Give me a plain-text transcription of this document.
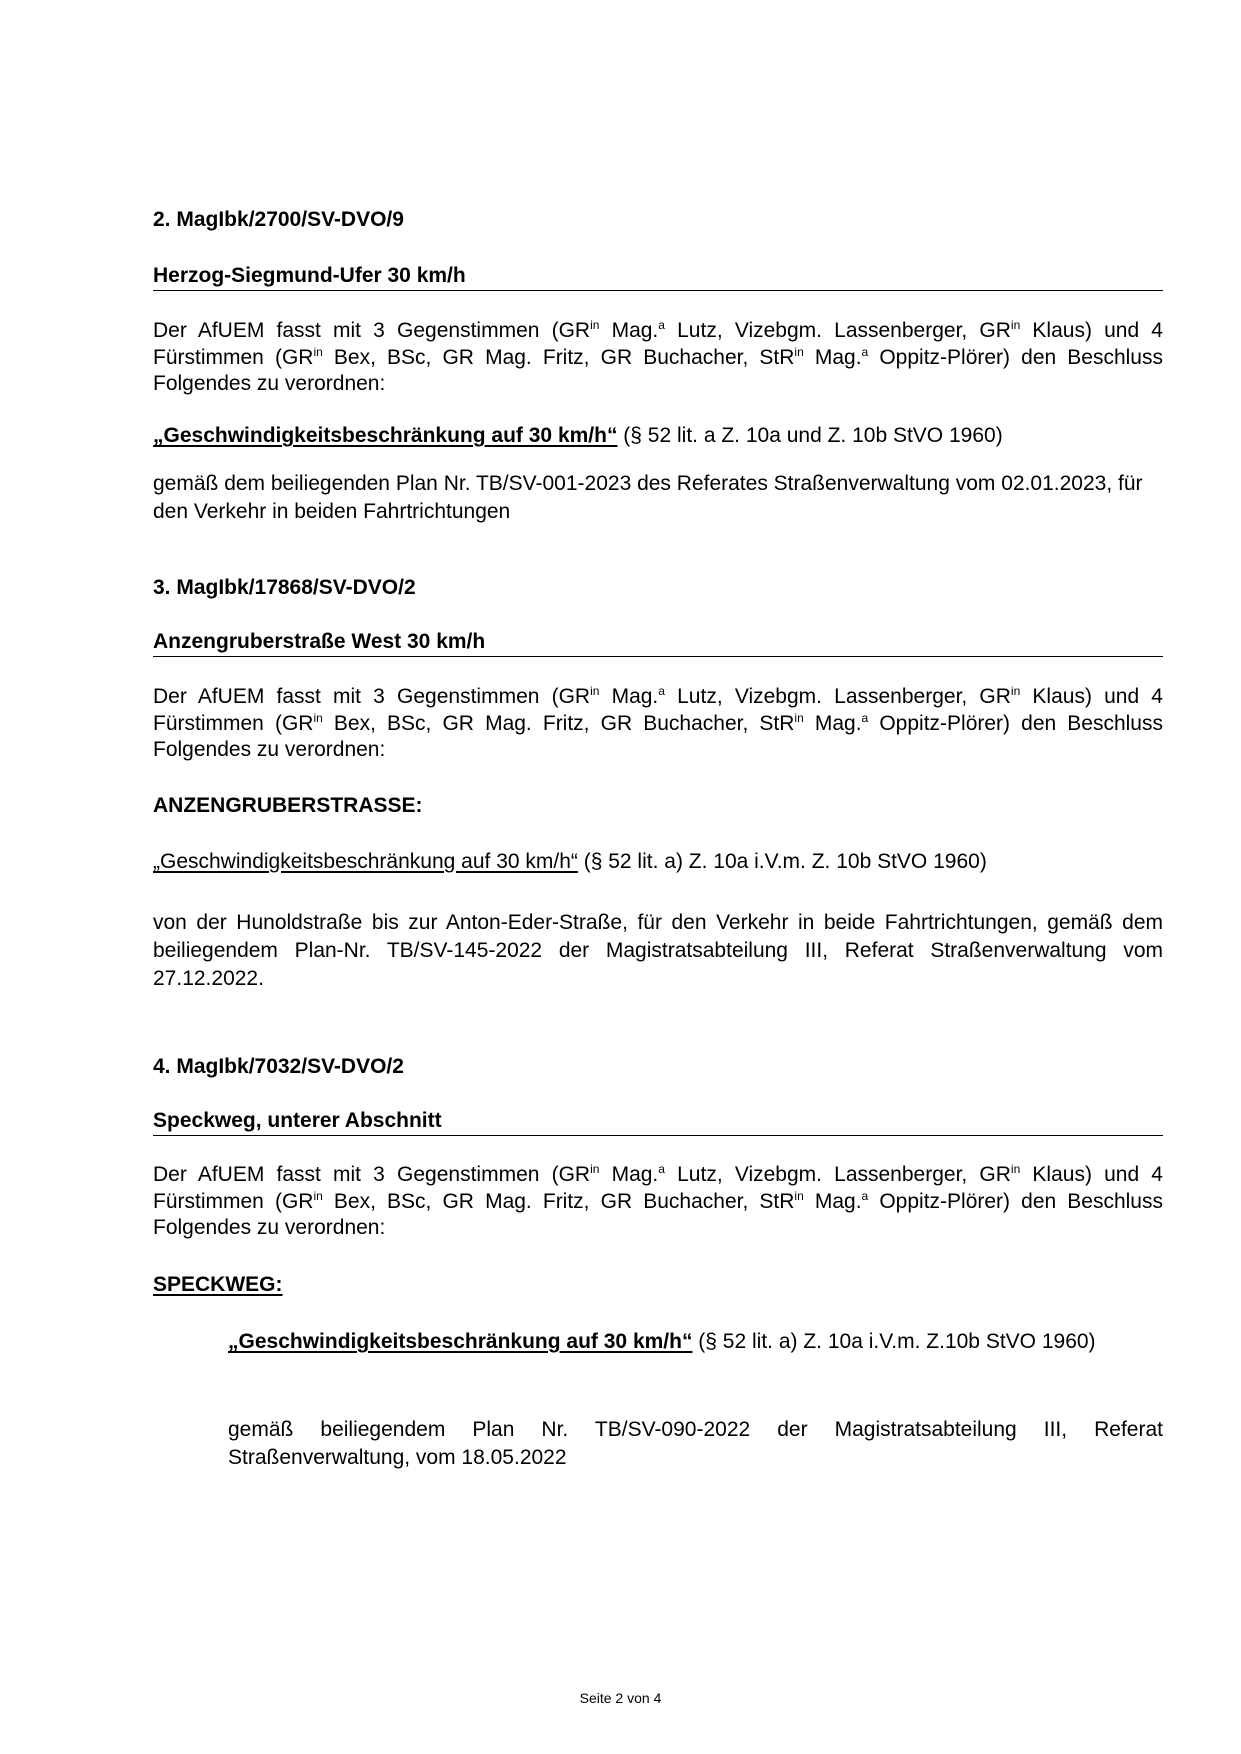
2. MagIbk/2700/SV-DVO/9
Herzog-Siegmund-Ufer 30 km/h
Der AfUEM fasst mit 3 Gegenstimmen ($GR^{in}$ Mag.$^a$ Lutz, Vizebgm. Lassenberger, $GR^{in}$ Klaus) und 4 Fürstimmen ($GR^{in}$ Bex, BSc, GR Mag. Fritz, GR Buchacher, StR$^{in}$ Mag.$^a$ Oppitz-Plörer) den Beschluss Folgendes zu verordnen:
„Geschwindigkeitsbeschränkung auf 30 km/h“ (§ 52 lit. a Z. 10a und Z. 10b StVO 1960)
gemäß dem beiliegenden Plan Nr. TB/SV-001-2023 des Referates Straßenverwaltung vom 02.01.2023, für den Verkehr in beiden Fahrtrichtungen
3. MagIbk/17868/SV-DVO/2
Anzengruberstraße West 30 km/h
Der AfUEM fasst mit 3 Gegenstimmen ($GR^{in}$ Mag.$^a$ Lutz, Vizebgm. Lassenberger, $GR^{in}$ Klaus) und 4 Fürstimmen ($GR^{in}$ Bex, BSc, GR Mag. Fritz, GR Buchacher, StR$^{in}$ Mag.$^a$ Oppitz-Plörer) den Beschluss Folgendes zu verordnen:
ANZENGRUBERSTRASSE:
„Geschwindigkeitsbeschränkung auf 30 km/h“ (§ 52 lit. a) Z. 10a i.V.m. Z. 10b StVO 1960)
von der Hunoldstraße bis zur Anton-Eder-Straße, für den Verkehr in beide Fahrtrichtungen, gemäß dem beiliegendem Plan-Nr. TB/SV-145-2022 der Magistratsabteilung III, Referat Straßenverwaltung vom 27.12.2022.
4. MagIbk/7032/SV-DVO/2
Speckweg, unterer Abschnitt
Der AfUEM fasst mit 3 Gegenstimmen ($GR^{in}$ Mag.$^a$ Lutz, Vizebgm. Lassenberger, $GR^{in}$ Klaus) und 4 Fürstimmen ($GR^{in}$ Bex, BSc, GR Mag. Fritz, GR Buchacher, StR$^{in}$ Mag.$^a$ Oppitz-Plörer) den Beschluss Folgendes zu verordnen:
SPECKWEG:
„Geschwindigkeitsbeschränkung auf 30 km/h“ (§ 52 lit. a) Z. 10a i.V.m. Z.10b StVO 1960)
gemäß beiliegendem Plan Nr. TB/SV-090-2022 der Magistratsabteilung III, Referat Straßenverwaltung, vom 18.05.2022
Seite 2 von 4
